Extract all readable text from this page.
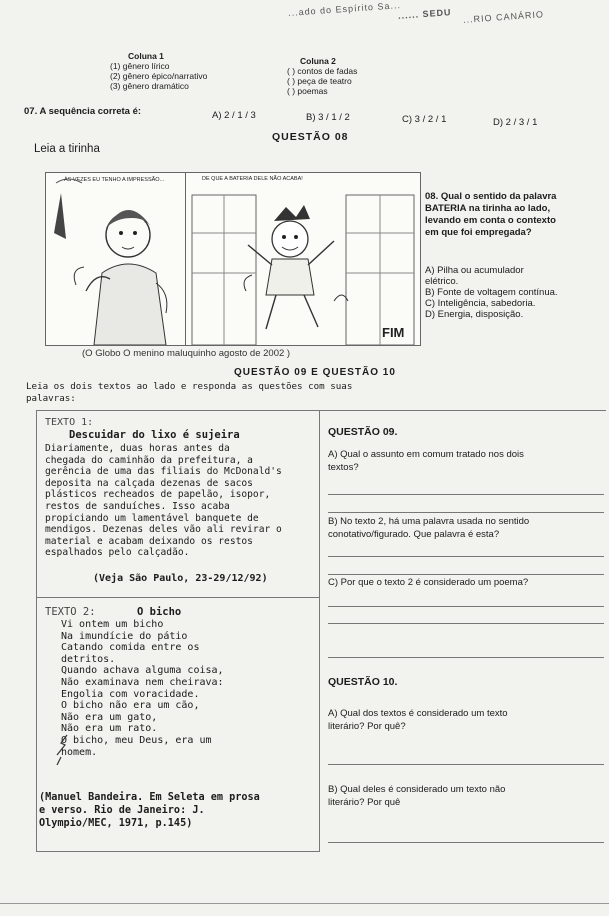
...ado do Espírito Sa...
...... SEDU ...RIO CANÁRIO
Coluna 1
(1) gênero lírico
(2) gênero épico/narrativo
(3) gênero dramático
Coluna 2
( ) contos de fadas
( ) peça de teatro
( ) poemas
07. A sequência correta é:	A) 2 / 1 / 3	B) 3 / 1 / 2	C) 3 / 2 / 1	D) 2 / 3 / 1
QUESTÃO 08
Leia a tirinha
ÀS VEZES EU TENHO A IMPRESSÃO...	DE QUE A BATERIA DELE NÃO ACABA!
FIM
(O Globo O menino maluquinho agosto de 2002 )
08. Qual o sentido da palavra
BATERIA na tirinha ao lado,
levando em conta o contexto
em que foi empregada?
A) Pilha ou acumulador
elétrico.
B) Fonte de voltagem contínua.
C) Inteligência, sabedoria.
D) Energia, disposição.
QUESTÃO 09 E QUESTÃO 10
Leia os dois textos ao lado e responda as questões com suas
palavras:
TEXTO 1:
Descuidar do lixo é sujeira
Diariamente, duas horas antes da
chegada do caminhão da prefeitura, a
gerência de uma das filiais do McDonald's
deposita na calçada dezenas de sacos
plásticos recheados de papelão, isopor,
restos de sanduíches. Isso acaba
propiciando um lamentável banquete de
mendigos. Dezenas deles vão ali revirar o
material e acabam deixando os restos
espalhados pelo calçadão.
(Veja São Paulo, 23-29/12/92)
TEXTO 2:	O bicho
Vi ontem um bicho
Na imundície do pátio
Catando comida entre os
detritos.
Quando achava alguma coisa,
Não examinava nem cheirava:
Engolia com voracidade.
O bicho não era um cão,
Não era um gato,
Não era um rato.
O bicho, meu Deus, era um
homem.
(Manuel Bandeira. Em Seleta em prosa
e verso. Rio de Janeiro: J.
Olympio/MEC, 1971, p.145)
QUESTÃO 09.
A) Qual o assunto em comum tratado nos dois
textos?
B) No texto 2, há uma palavra usada no sentido
conotativo/figurado. Que palavra é esta?
C) Por que o texto 2 é considerado um poema?
QUESTÃO 10.
A) Qual dos textos é considerado um texto
literário? Por quê?
B) Qual deles é considerado um texto não
literário? Por quê
